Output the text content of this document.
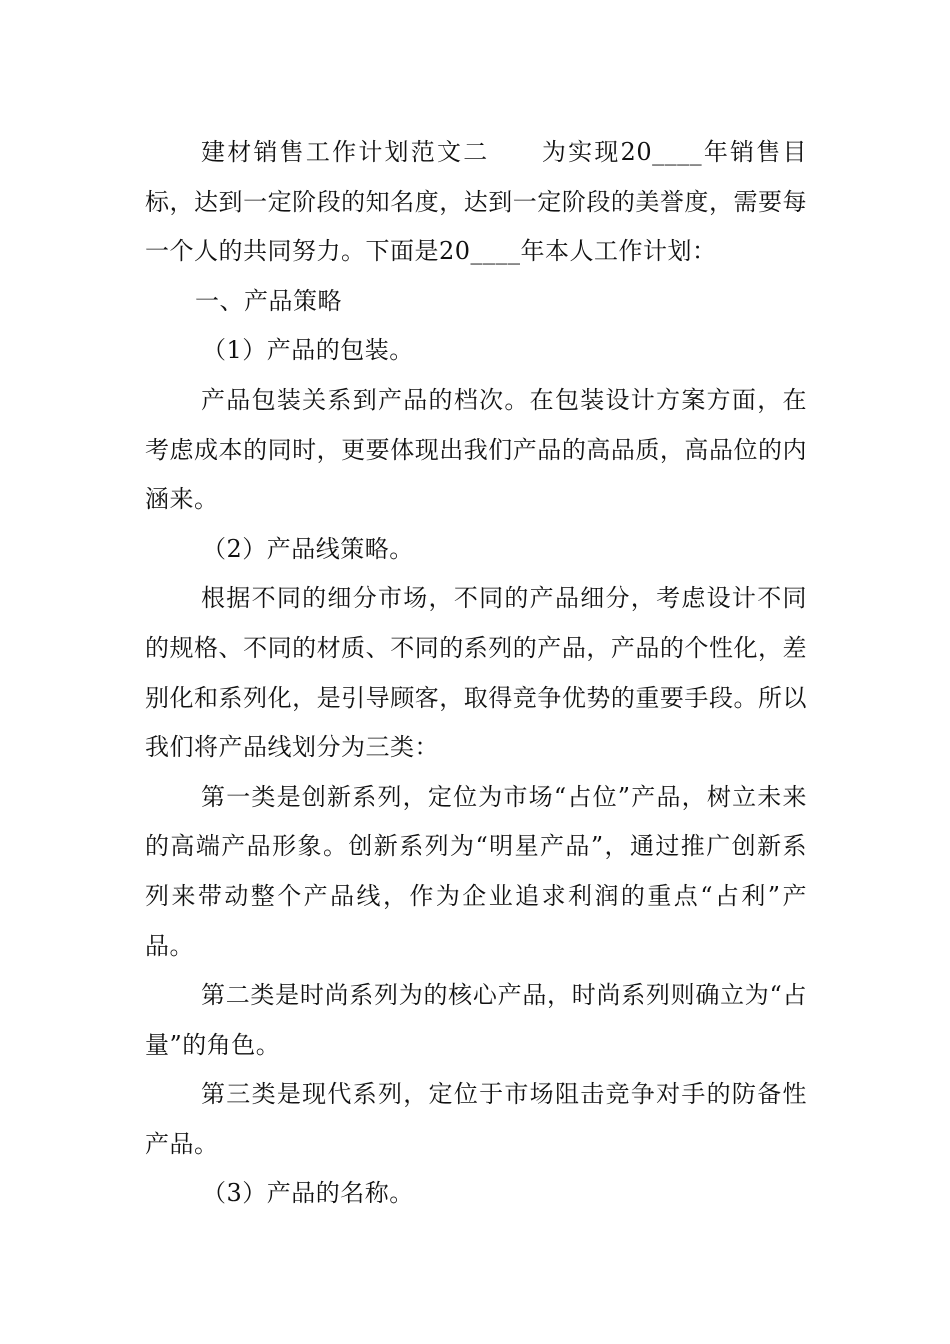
建材销售工作计划范文二　　为实现20____年销售目标，达到一定阶段的知名度，达到一定阶段的美誉度，需要每一个人的共同努力。下面是20____年本人工作计划：

一、产品策略

（1）产品的包装。

产品包装关系到产品的档次。在包装设计方案方面，在考虑成本的同时，更要体现出我们产品的高品质，高品位的内涵来。

（2）产品线策略。

根据不同的细分市场，不同的产品细分，考虑设计不同的规格、不同的材质、不同的系列的产品，产品的个性化，差别化和系列化，是引导顾客，取得竞争优势的重要手段。所以我们将产品线划分为三类：

第一类是创新系列，定位为市场“占位”产品，树立未来的高端产品形象。创新系列为“明星产品”，通过推广创新系列来带动整个产品线，作为企业追求利润的重点“占利”产品。

第二类是时尚系列为的核心产品，时尚系列则确立为“占量”的角色。

第三类是现代系列，定位于市场阻击竞争对手的防备性产品。

（3）产品的名称。
